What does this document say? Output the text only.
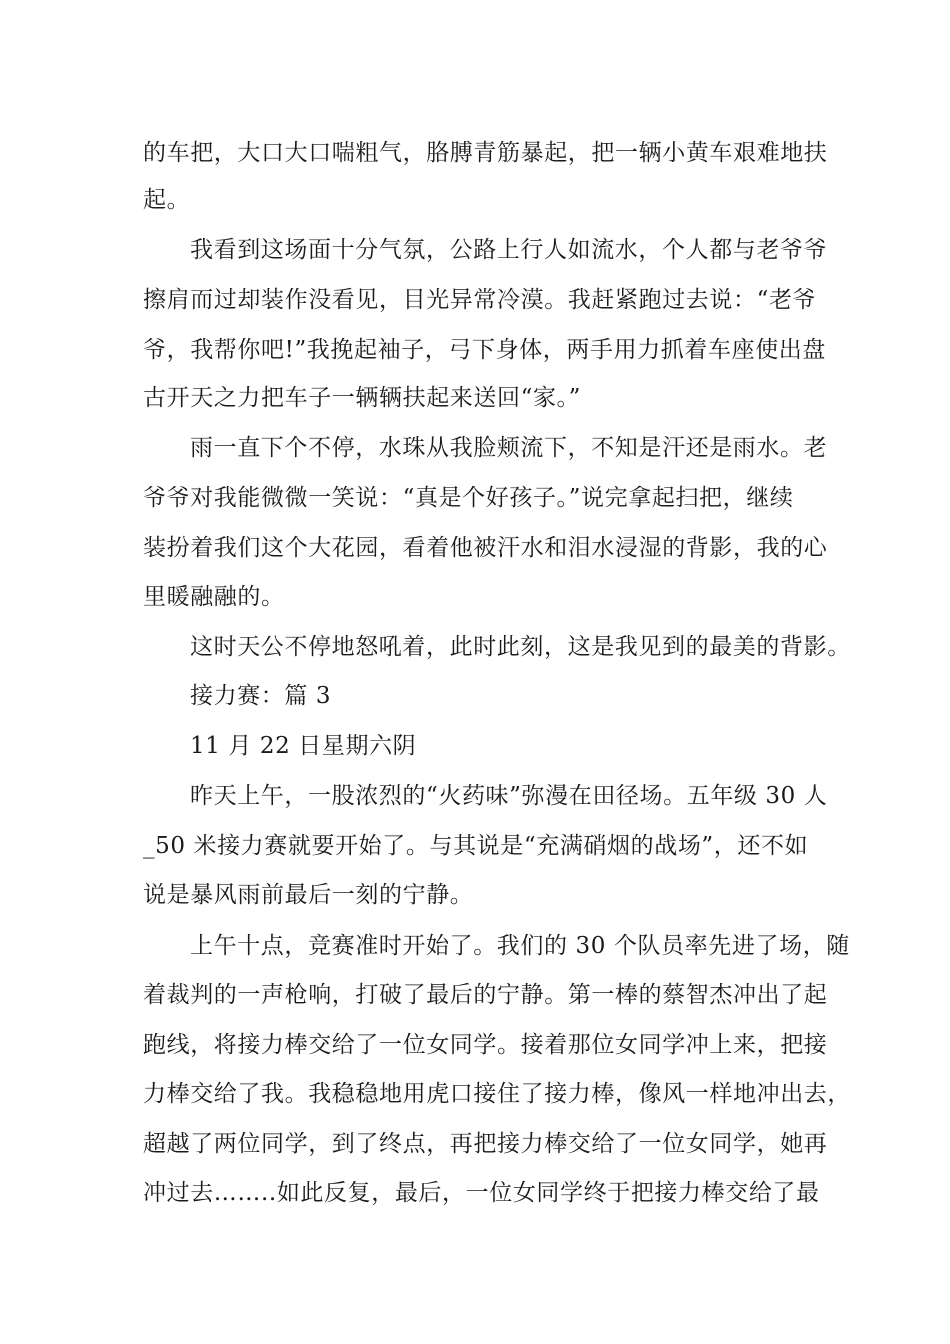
的车把，大口大口喘粗气，胳膊青筋暴起，把一辆小黄车艰难地扶
起。
我看到这场面十分气氛，公路上行人如流水，个人都与老爷爷
擦肩而过却装作没看见，目光异常冷漠。我赶紧跑过去说：“老爷
爷，我帮你吧!”我挽起袖子，弓下身体，两手用力抓着车座使出盘
古开天之力把车子一辆辆扶起来送回“家。”
雨一直下个不停，水珠从我脸颊流下，不知是汗还是雨水。老
爷爷对我能微微一笑说：“真是个好孩子。”说完拿起扫把，继续
装扮着我们这个大花园，看着他被汗水和泪水浸湿的背影，我的心
里暖融融的。
这时天公不停地怒吼着，此时此刻，这是我见到的最美的背影。
接力赛：篇 3
11 月 22 日星期六阴
昨天上午，一股浓烈的“火药味”弥漫在田径场。五年级 30 人
_50 米接力赛就要开始了。与其说是“充满硝烟的战场”，还不如
说是暴风雨前最后一刻的宁静。
上午十点，竞赛准时开始了。我们的 30 个队员率先进了场，随
着裁判的一声枪响，打破了最后的宁静。第一棒的蔡智杰冲出了起
跑线，将接力棒交给了一位女同学。接着那位女同学冲上来，把接
力棒交给了我。我稳稳地用虎口接住了接力棒，像风一样地冲出去，
超越了两位同学，到了终点，再把接力棒交给了一位女同学，她再
冲过去……..如此反复，最后，一位女同学终于把接力棒交给了最
